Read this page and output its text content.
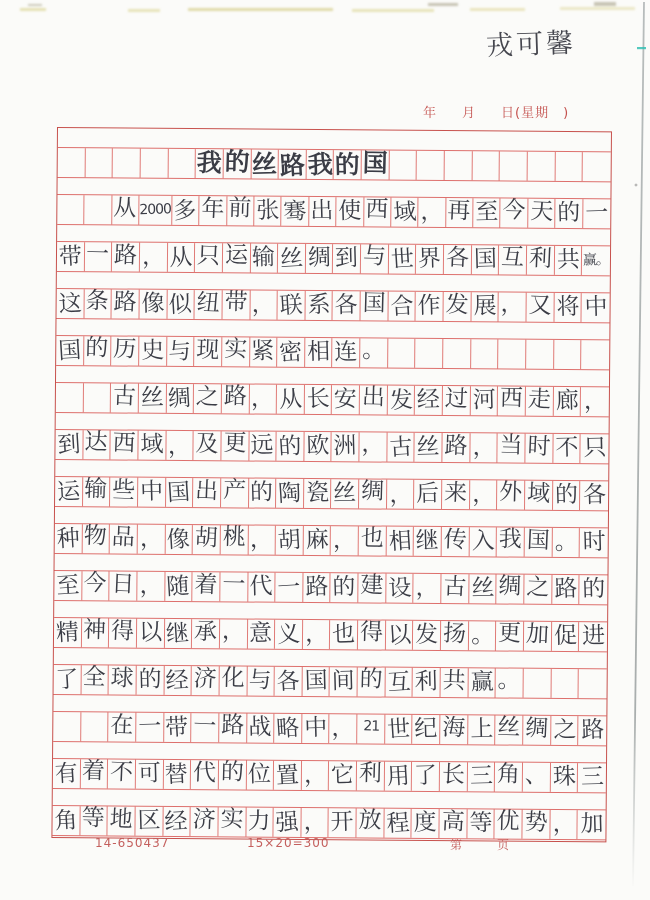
戎可馨
年 月 日(星期 )
我 的 丝 路 我 的 国
从 2000 多 年 前 张 骞 出 使 西 域 ， 再 至 今 天 的 一
带 一 路 ， 从 只 运 输 丝 绸 到 与 世 界 各 国 互 利 共 赢。
这 条 路 像 似 纽 带 ， 联 系 各 国 合 作 发 展 ， 又 将 中
国 的 历 史 与 现 实 紧 密 相 连 。
古 丝 绸 之 路 ， 从 长 安 出 发 经 过 河 西 走 廊 ，
到 达 西 域 ， 及 更 远 的 欧 洲 ， 古 丝 路 ， 当 时 不 只
运 输 些 中 国 出 产 的 陶 瓷 丝 绸 ， 后 来 ， 外 域 的 各
种 物 品 ， 像 胡 桃 ， 胡 麻 ， 也 相 继 传 入 我 国 。 时
至 今 日 ， 随 着 一 代 一 路 的 建 设 ， 古 丝 绸 之 路 的
精 神 得 以 继 承 ， 意 义 ， 也 得 以 发 扬 。 更 加 促 进
了 全 球 的 经 济 化 与 各 国 间 的 互 利 共 赢 。
在 一 带 一 路 战 略 中 ， 21 世 纪 海 上 丝 绸 之 路
有 着 不 可 替 代 的 位 置 ， 它 利 用 了 长 三 角 、 珠 三
角 等 地 区 经 济 实 力 强 ， 开 放 程 度 高 等 优 势 ， 加
14-650437	15×20=300	第	页
